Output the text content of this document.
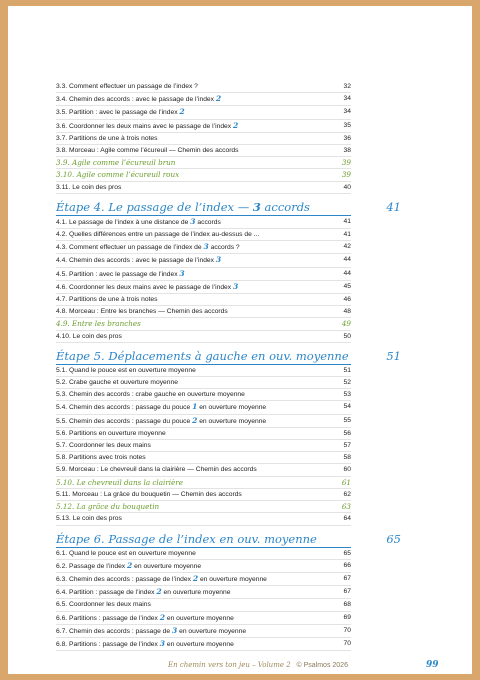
3.3. Comment effectuer un passage de l’index ?	32
3.4. Chemin des accords : avec le passage de l’index 2	34
3.5. Partition : avec le passage de l’index 2	34
3.6. Coordonner les deux mains avec le passage de l’index 2	35
3.7. Partitions de une à trois notes	36
3.8. Morceau : Agile comme l’écureuil — Chemin des accords	38
3.9. Agile comme l’écureuil brun	39
3.10. Agile comme l’écureuil roux	39
3.11. Le coin des pros	40
Étape 4. Le passage de l’index — 3 accords	41
4.1. Le passage de l’index à une distance de 3 accords	41
4.2. Quelles différences entre un passage de l’index au-dessus de ...	41
4.3. Comment effectuer un passage de l’index de 3 accords ?	42
4.4. Chemin des accords : avec le passage de l’index 3	44
4.5. Partition : avec le passage de l’index 3	44
4.6. Coordonner les deux mains avec le passage de l’index 3	45
4.7. Partitions de une à trois notes	46
4.8. Morceau : Entre les branches — Chemin des accords	48
4.9. Entre les branches	49
4.10. Le coin des pros	50
Étape 5. Déplacements à gauche en ouv. moyenne	51
5.1. Quand le pouce est en ouverture moyenne	51
5.2. Crabe gauche et ouverture moyenne	52
5.3. Chemin des accords : crabe gauche en ouverture moyenne	53
5.4. Chemin des accords : passage du pouce 1 en ouverture moyenne	54
5.5. Chemin des accords : passage du pouce 2 en ouverture moyenne	55
5.6. Partitions en ouverture moyenne	56
5.7. Coordonner les deux mains	57
5.8. Partitions avec trois notes	58
5.9. Morceau : Le chevreuil dans la clairière — Chemin des accords	60
5.10. Le chevreuil dans la clairière	61
5.11. Morceau : La grâce du bouquetin — Chemin des accords	62
5.12. La grâce du bouquetin	63
5.13. Le coin des pros	64
Étape 6. Passage de l’index en ouv. moyenne	65
6.1. Quand le pouce est en ouverture moyenne	65
6.2. Passage de l’index 2 en ouverture moyenne	66
6.3. Chemin des accords : passage de l’index 2 en ouverture moyenne	67
6.4. Partition : passage de l’index 2 en ouverture moyenne	67
6.5. Coordonner les deux mains	68
6.6. Partitions : passage de l’index 2 en ouverture moyenne	69
6.7. Chemin des accords : passage de 3 en ouverture moyenne	70
6.8. Partitions : passage de l’index 3 en ouverture moyenne	70
En chemin vers ton jeu – Volume 2 © Psalmos 2026	99
